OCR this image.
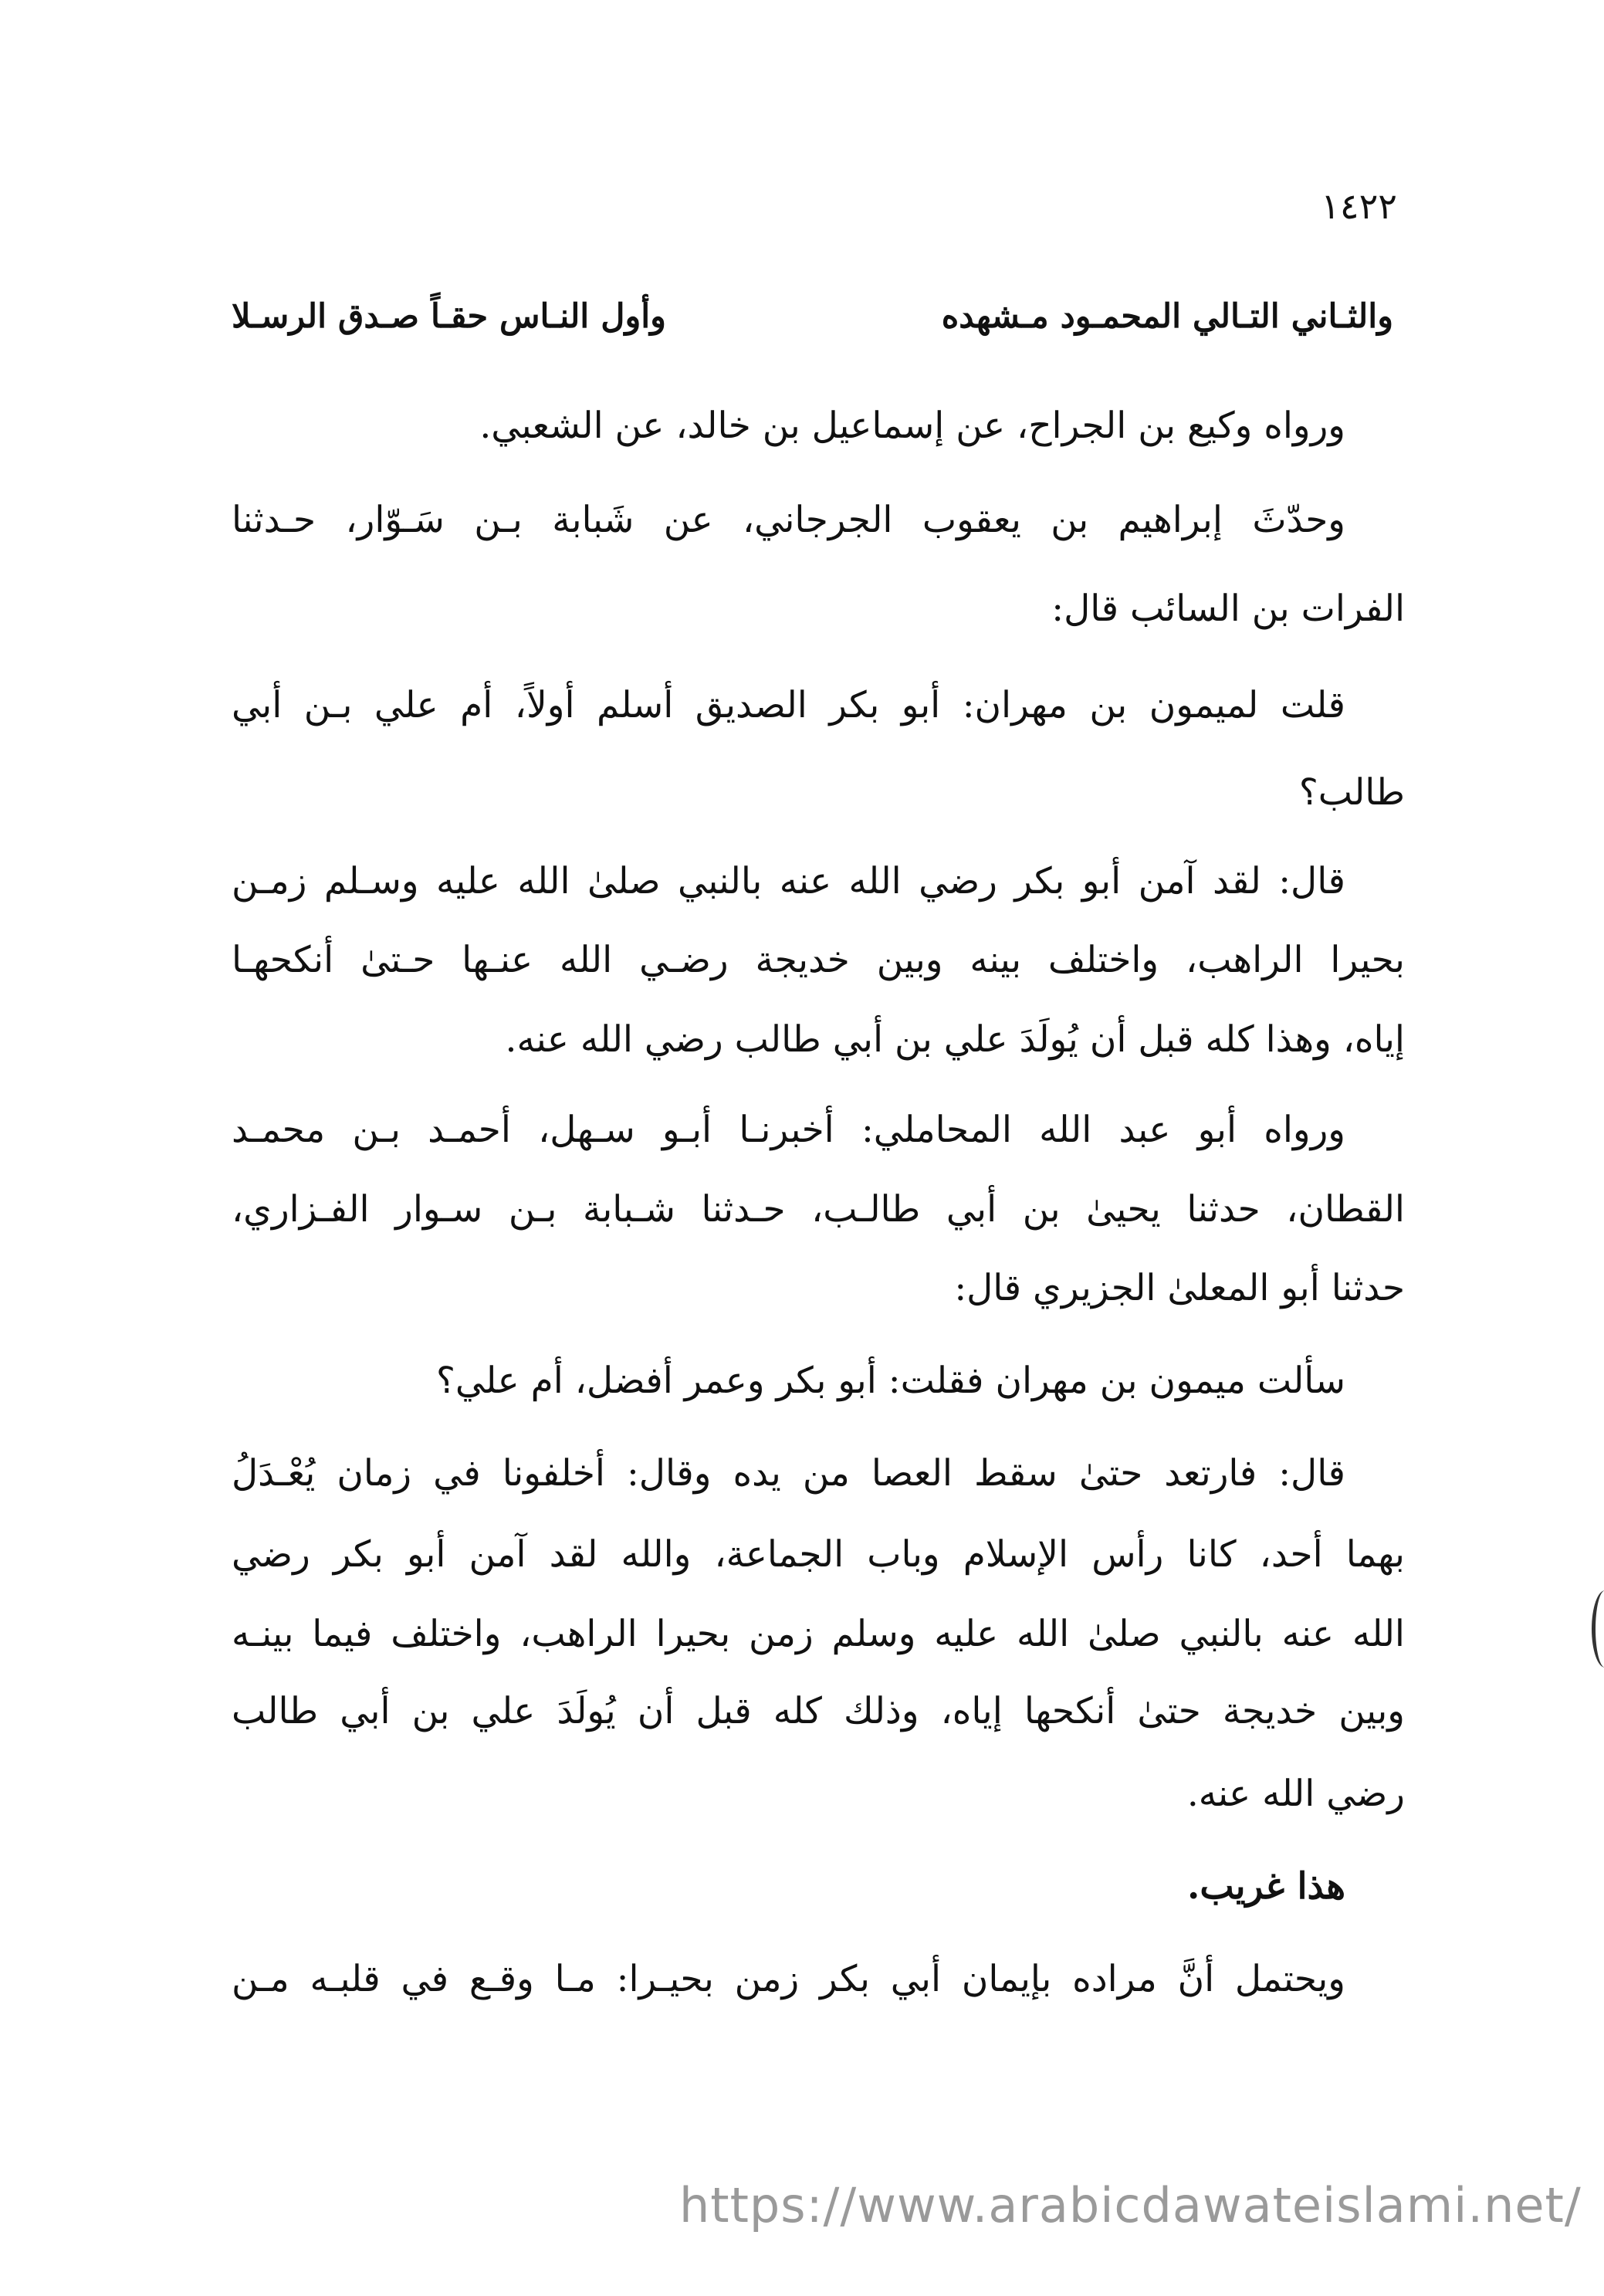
١٤٢٢
والثـاني التـالي المحمـود مـشهده
وأول النـاس حقـاً صـدق الرسـلا
ورواه وكيع بن الجراح، عن إسماعيل بن خالد، عن الشعبي.
وحدّثَ إبراهيم بن يعقوب الجرجاني، عن شَبابة بـن سَـوّار، حـدثنا
الفرات بن السائب قال:
قلت لميمون بن مهران: أبو بكر الصديق أسلم أولاً، أم علي بـن أبي
طالب؟
قال: لقد آمن أبو بكر رضي الله عنه بالنبي صلىٰ الله عليه وسـلم زمـن
بحيرا الراهب، واختلف بينه وبين خديجة رضـي الله عنـها حـتىٰ أنكحهـا
إياه، وهذا كله قبل أن يُولَدَ علي بن أبي طالب رضي الله عنه.
ورواه أبو عبد الله المحاملي: أخبرنـا أبـو سـهل، أحمـد بـن محمـد
القطان، حدثنا يحيىٰ بن أبي طالـب، حـدثنا شـبابة بـن سـوار الفـزاري،
حدثنا أبو المعلىٰ الجزيري قال:
سألت ميمون بن مهران فقلت: أبو بكر وعمر أفضل، أم علي؟
قال: فارتعد حتىٰ سقط العصا من يده وقال: أخلفونا في زمان يُعْـدَلُ
بهما أحد، كانا رأس الإسلام وباب الجماعة، والله لقد آمن أبو بكر رضي
الله عنه بالنبي صلىٰ الله عليه وسلم زمن بحيرا الراهب، واختلف فيما بينـه
وبين خديجة حتىٰ أنكحها إياه، وذلك كله قبل أن يُولَدَ علي بن أبي طالب
رضي الله عنه.
هذا غريب.
ويحتمل أنَّ مراده بإيمان أبي بكر زمن بحيـرا: مـا وقـع في قلبـه مـن
https://www.arabicdawateislami.net/
